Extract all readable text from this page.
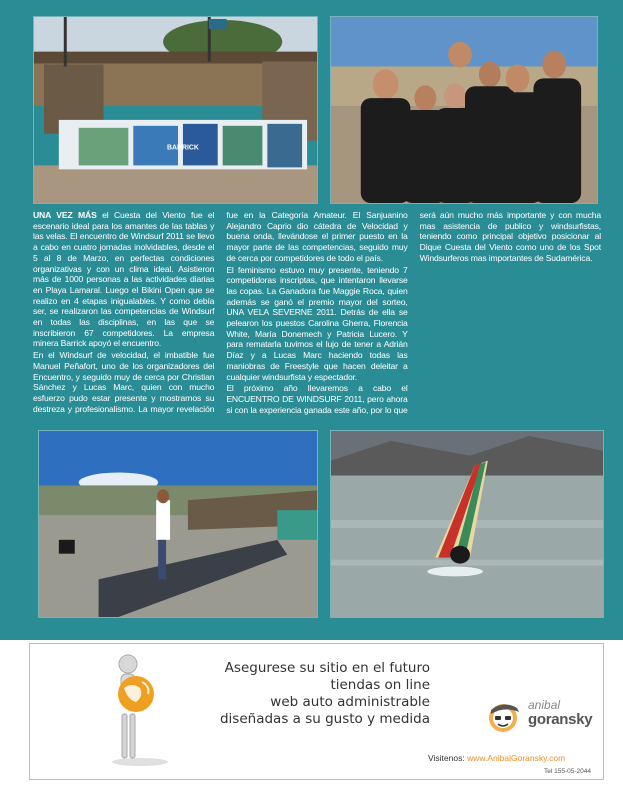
BARRICK

UNA VEZ MÁS el Cuesta del Viento fue el escenario ideal para los amantes de las tablas y las velas. El encuentro de Windsurf 2011 se llevo a cabo en cuatro jornadas inolvidables, desde el 5 al 8 de Marzo, en perfectas condiciones organizativas y con un clima ideal. Asistieron más de 1000 personas a las actividades diarias en Playa Lamaral. Luego el Bikini Open que se realizo en 4 etapas inigualables. Y como debía ser, se realizaron las competencias de Windsurf en todas las disciplinas, en las que se inscribieron 67 competidores. La empresa minera Barrick apoyó el encuentro.

En el Windsurf de velocidad, el imbatible fue Manuel Peñafort, uno de los organizadores del Encuentro, y seguido muy de cerca por Christian Sánchez y Lucas Marc, quien con mucho esfuerzo pudo estar presente y mostrarnos su destreza y profesionalismo. La mayor revelación fue en la Categoría Amateur. El Sanjuanino Alejandro Caprio dio cátedra de Velocidad y buena onda, llevándose el primer puesto en la mayor parte de las competencias, seguido muy de cerca por competidores de todo el país.

El feminismo estuvo muy presente, teniendo 7 competidoras inscriptas, que intentaron llevarse las copas. La Ganadora fue Maggie Roca, quien además se ganó el premio mayor del sorteo, UNA VELA SEVERNE 2011. Detrás de ella se pelearon los puestos Carolina Gherra, Florencia White, María Donemech y Patricia Lucero. Y para rematarla tuvimos el lujo de tener a Adrián Díaz y a Lucas Marc haciendo todas las maniobras de Freestyle que hacen deleitar a cualquier windsurfista y espectador.

El próximo año llevaremos a cabo el ENCUENTRO DE WINDSURF 2011, pero ahora si con la experiencia ganada este año, por lo que será aún mucho más importante y con mucha mas asistencia de publico y windsurfistas, teniendo como principal objetivo posicionar al Dique Cuesta del Viento como uno de los Spot Windsurferos mas importantes de Sudamérica.

Asegurese su sitio en el futuro
tiendas on line
web auto administrable
diseñadas a su gusto y medida
anibal
goransky
Visitenos: www.AnibalGoransky.com
Tel 155-05-2044
